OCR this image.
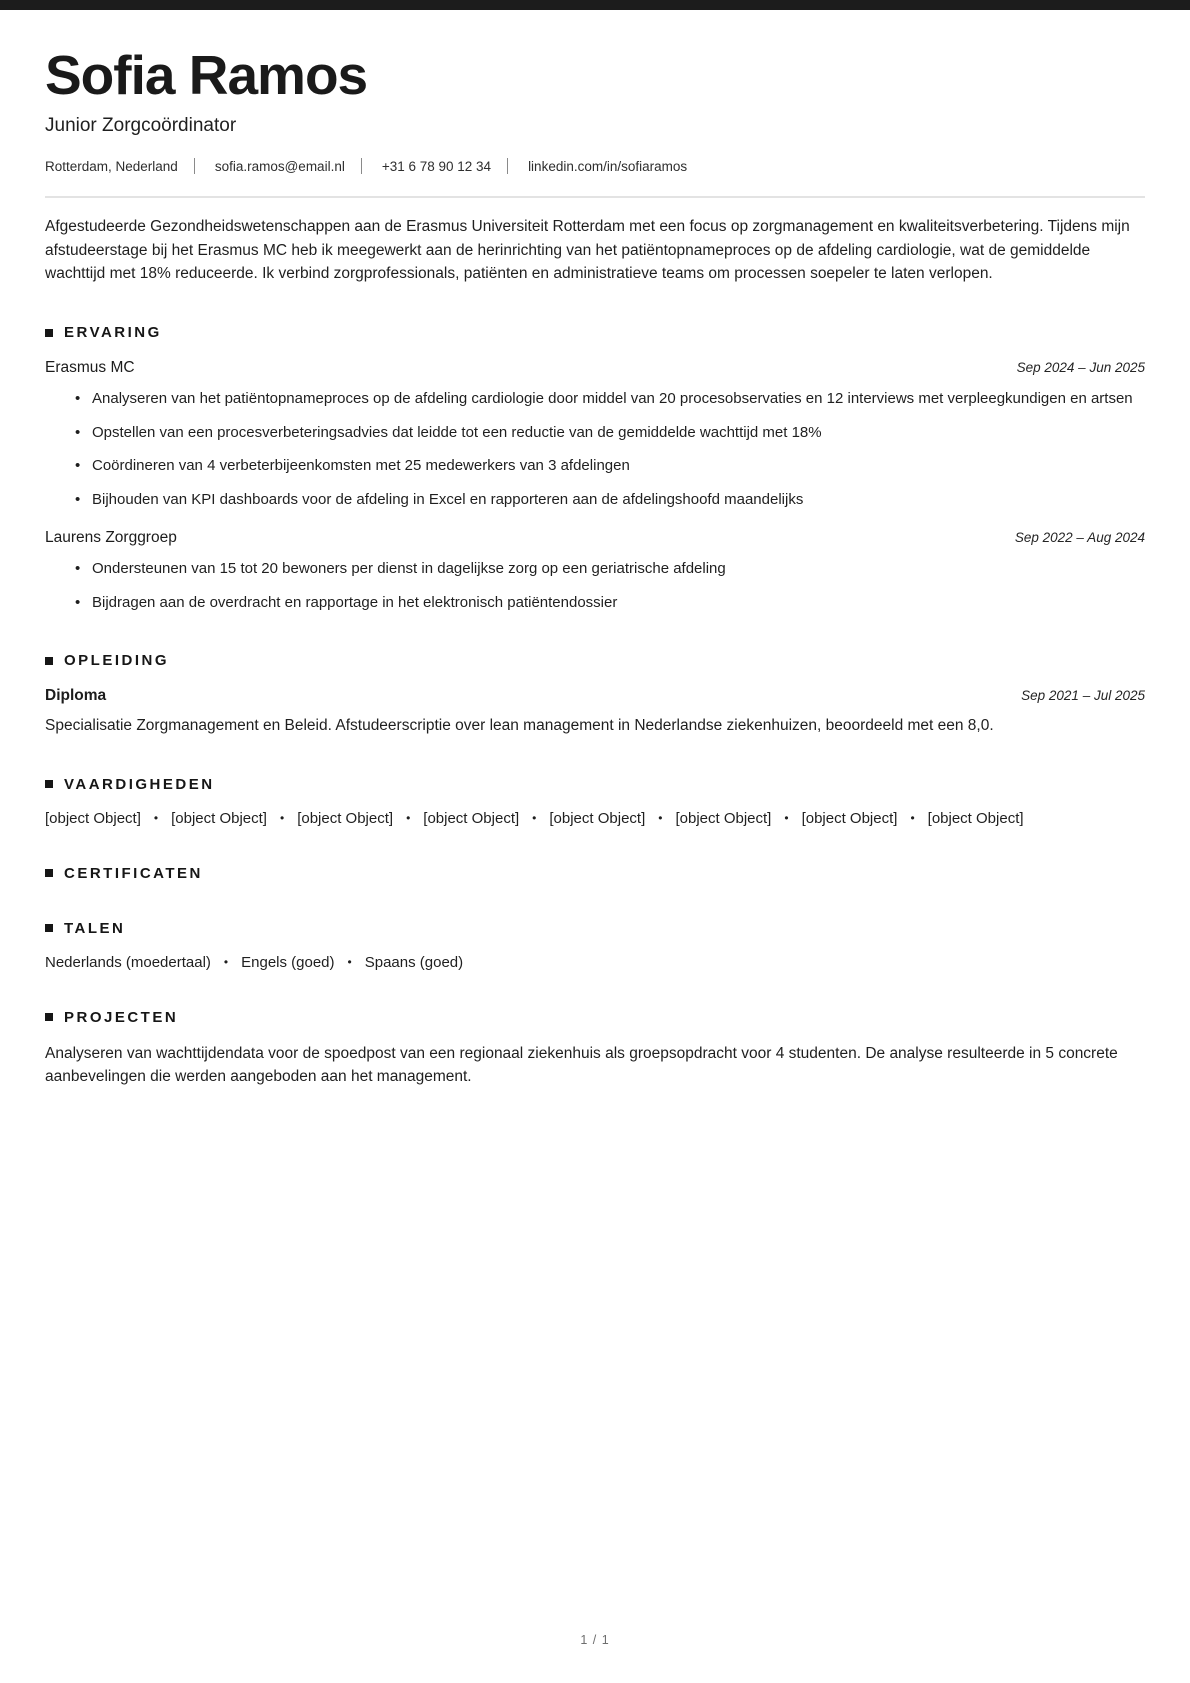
Sofia Ramos
Junior Zorgcoördinator
Rotterdam, Nederland	sofia.ramos@email.nl	+31 6 78 90 12 34	linkedin.com/in/sofiaramos

Afgestudeerde Gezondheidswetenschappen aan de Erasmus Universiteit Rotterdam met een focus op zorgmanagement en kwaliteitsverbetering. Tijdens mijn afstudeerstage bij het Erasmus MC heb ik meegewerkt aan de herinrichting van het patiëntopnameproces op de afdeling cardiologie, wat de gemiddelde wachttijd met 18% reduceerde. Ik verbind zorgprofessionals, patiënten en administratieve teams om processen soepeler te laten verlopen.

ERVARING
Erasmus MC	Sep 2024 – Jun 2025
• Analyseren van het patiëntopnameproces op de afdeling cardiologie door middel van 20 procesobservaties en 12 interviews met verpleegkundigen en artsen
• Opstellen van een procesverbeteringsadvies dat leidde tot een reductie van de gemiddelde wachttijd met 18%
• Coördineren van 4 verbeterbijeenkomsten met 25 medewerkers van 3 afdelingen
• Bijhouden van KPI dashboards voor de afdeling in Excel en rapporteren aan de afdelingshoofd maandelijks
Laurens Zorggroep	Sep 2022 – Aug 2024
• Ondersteunen van 15 tot 20 bewoners per dienst in dagelijkse zorg op een geriatrische afdeling
• Bijdragen aan de overdracht en rapportage in het elektronisch patiëntendossier
OPLEIDING
Diploma	Sep 2021 – Jul 2025

Specialisatie Zorgmanagement en Beleid. Afstudeerscriptie over lean management in Nederlandse ziekenhuizen, beoordeeld met een 8,0.

VAARDIGHEDEN
[object Object]	• [object Object]	• [object Object]	• [object Object]	• [object Object]	• [object Object]	• [object Object]	• [object Object]
CERTIFICATEN
TALEN
Nederlands (moedertaal)	• Engels (goed)	• Spaans (goed)
PROJECTEN

Analyseren van wachttijdendata voor de spoedpost van een regionaal ziekenhuis als groepsopdracht voor 4 studenten. De analyse resulteerde in 5 concrete aanbevelingen die werden aangeboden aan het management.

1 / 1
